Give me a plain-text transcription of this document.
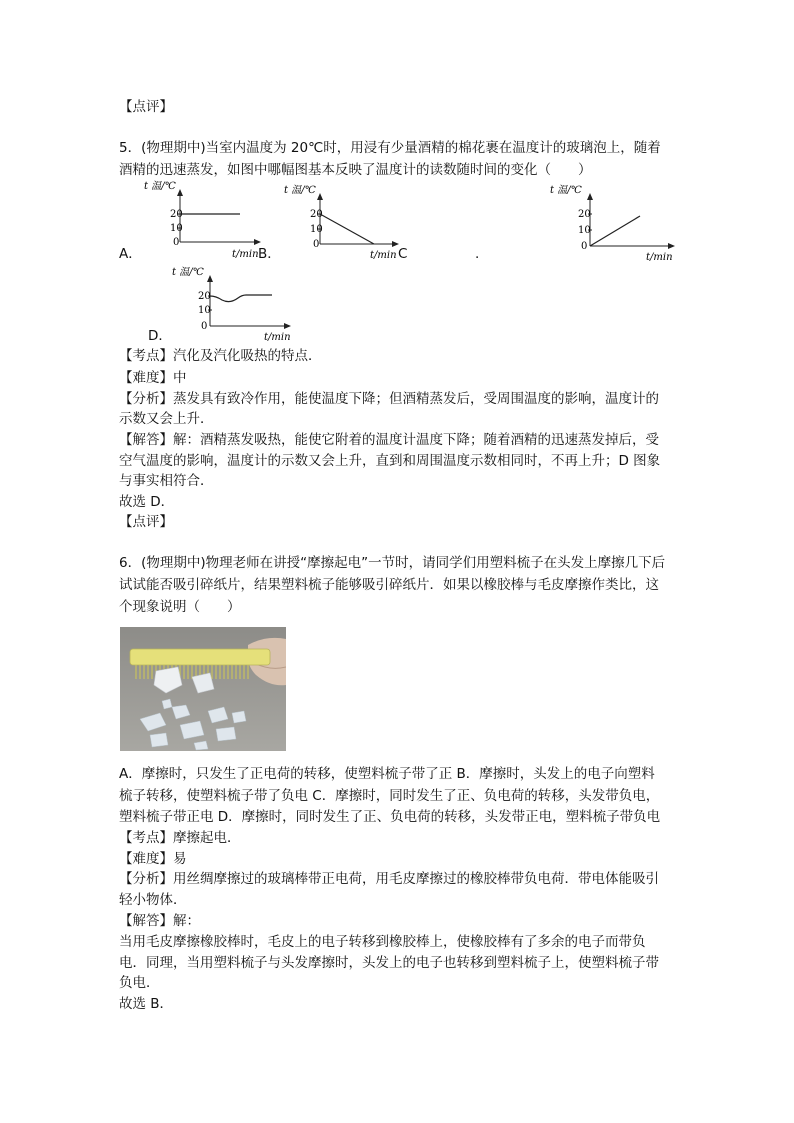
【点评】
5．(物理期中)当室内温度为 20℃时，用浸有少量酒精的棉花裹在温度计的玻璃泡上，随着
酒精的迅速蒸发，如图中哪幅图基本反映了温度计的读数随时间的变化（　　）
t 温/℃
20
10
0
t/min
t 温/℃
20
10
0
t/min
t 温/℃
20
10
0
t/min
A．	B．	C	.
t 温/℃
20
10
0
t/min
D．
【考点】汽化及汽化吸热的特点．
【难度】中
【分析】蒸发具有致冷作用，能使温度下降；但酒精蒸发后，受周围温度的影响，温度计的
示数又会上升．
【解答】解：酒精蒸发吸热，能使它附着的温度计温度下降；随着酒精的迅速蒸发掉后，受
空气温度的影响，温度计的示数又会上升，直到和周围温度示数相同时，不再上升；D 图象
与事实相符合．
故选 D．
【点评】
6．(物理期中)物理老师在讲授“摩擦起电”一节时，请同学们用塑料梳子在头发上摩擦几下后
试试能否吸引碎纸片，结果塑料梳子能够吸引碎纸片．如果以橡胶棒与毛皮摩擦作类比，这
个现象说明（　　）
A．摩擦时，只发生了正电荷的转移，使塑料梳子带了正 B．摩擦时，头发上的电子向塑料
梳子转移，使塑料梳子带了负电 C．摩擦时，同时发生了正、负电荷的转移，头发带负电，
塑料梳子带正电 D．摩擦时，同时发生了正、负电荷的转移，头发带正电，塑料梳子带负电
【考点】摩擦起电．
【难度】易
【分析】用丝绸摩擦过的玻璃棒带正电荷，用毛皮摩擦过的橡胶棒带负电荷．带电体能吸引
轻小物体．
【解答】解：
当用毛皮摩擦橡胶棒时，毛皮上的电子转移到橡胶棒上，使橡胶棒有了多余的电子而带负
电．同理，当用塑料梳子与头发摩擦时，头发上的电子也转移到塑料梳子上，使塑料梳子带
负电．
故选 B．
